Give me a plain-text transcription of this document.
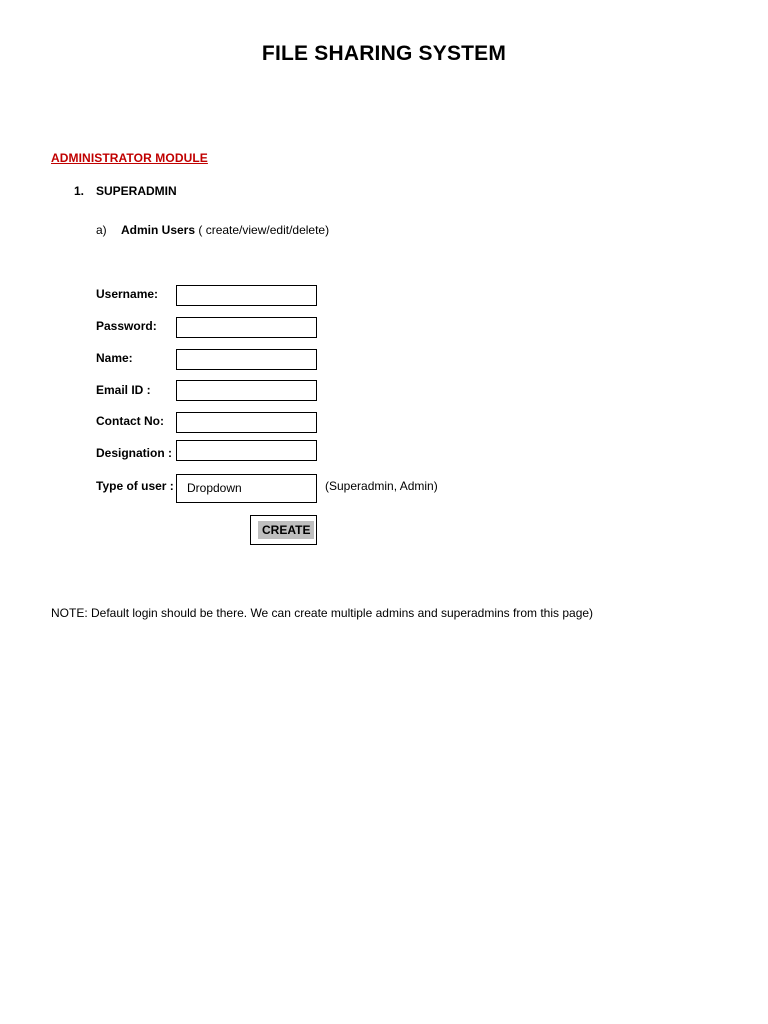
FILE SHARING SYSTEM
ADMINISTRATOR MODULE
1. SUPERADMIN
a) Admin Users ( create/view/edit/delete)
Username:
Password:
Name:
Email ID :
Contact No:
Designation :
Type of user : Dropdown	(Superadmin, Admin)
CREATE
NOTE: Default login should be there. We can create multiple admins and superadmins from this page)
